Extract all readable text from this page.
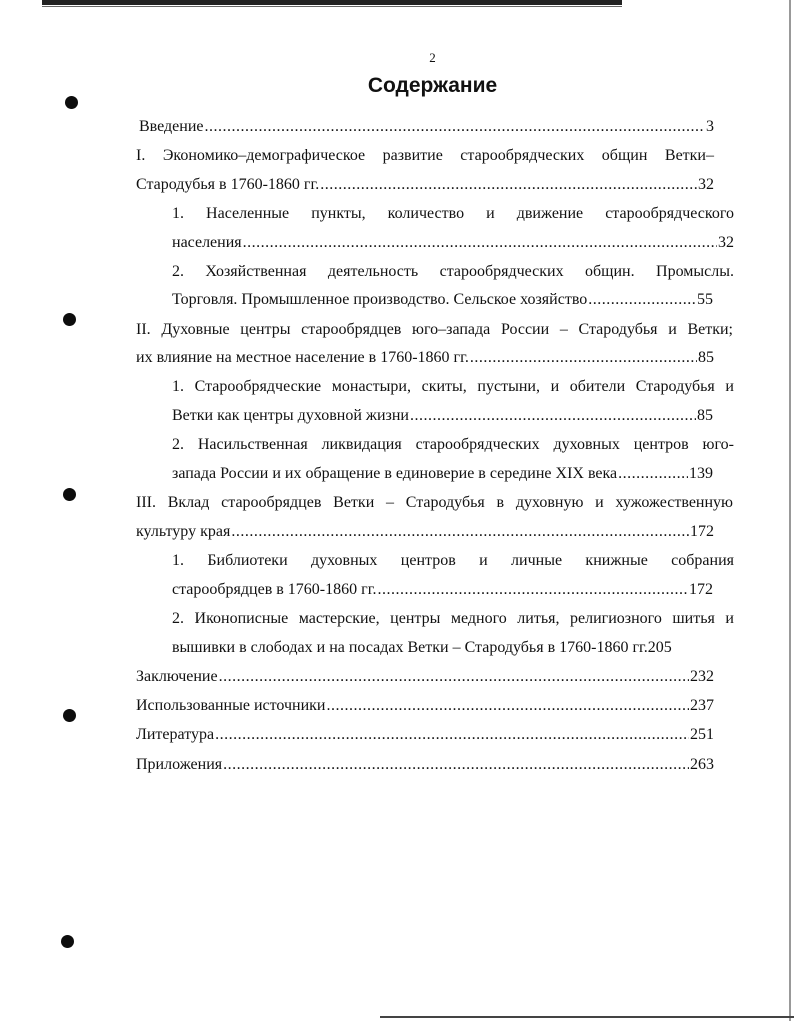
2
Содержание
Введение .....	3
I. Экономико–демографическое развитие старообрядческих общин Ветки–
Стародубья в 1760-1860 гг. .....	32
1. Населенные пункты, количество и движение старообрядческого
населения .....	32
2. Хозяйственная деятельность старообрядческих общин. Промыслы.
Торговля. Промышленное производство. Сельское хозяйство .....	55
II. Духовные центры старообрядцев юго–запада России – Стародубья и Ветки;
их влияние на местное население в 1760-1860 гг. .....	85
1. Старообрядческие монастыри, скиты, пустыни, и обители Стародубья и
Ветки как центры духовной жизни .....	85
2. Насильственная ликвидация старообрядческих духовных центров юго-
запада России и их обращение в единоверие в середине XIX века .....	139
III. Вклад старообрядцев Ветки – Стародубья в духовную и хужожественную
культуру края .....	172
1. Библиотеки духовных центров и личные книжные собрания
старообрядцев в 1760-1860 гг. .....	172
2. Иконописные мастерские, центры медного литья, религиозного шитья и
вышивки в слободах и на посадах Ветки – Стародубья в 1760-1860 гг.205
Заключение .....	232
Использованные источники .....	237
Литература .....	251
Приложения .....	263
